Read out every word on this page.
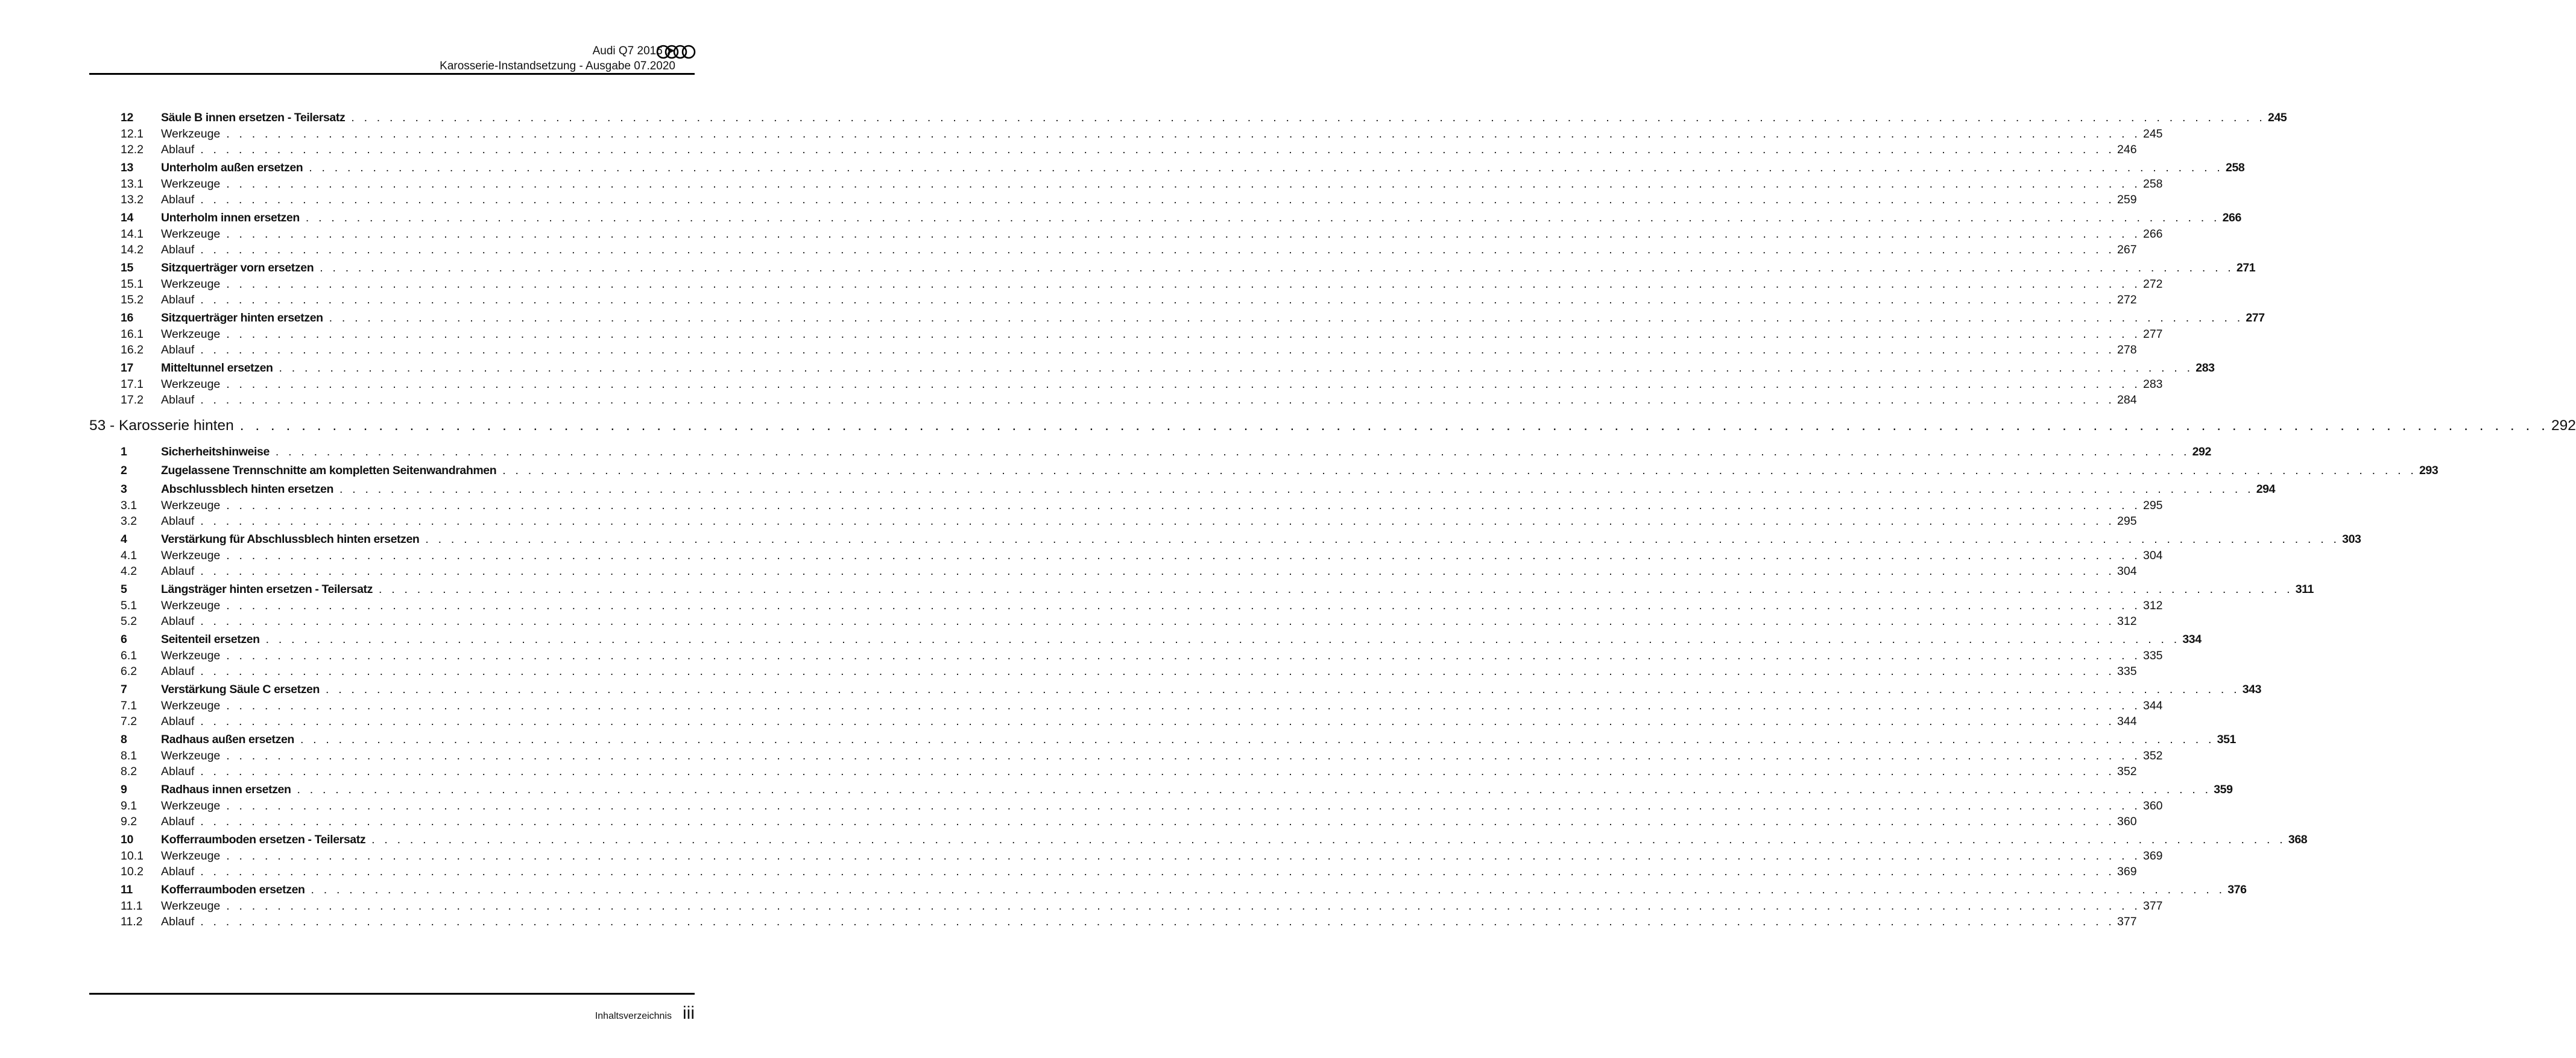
Audi Q7 2016 ➤
Karosserie-Instandsetzung - Ausgabe 07.2020
12	Säule B innen ersetzen - Teilersatz . . . . . . . . . . . . . . . . . . . . . . . . . . . . . . . . . . . . . . . . . . . . . . . . . . . . . . . . . . . . . . . . . . . . . . . . . . . . . . . . . . . . . . . . . . . . . . . . . . . . . . . . . . . . . . . . . . . . . . . . . . . . . . . . . . . . . . . . . . . . . . . . . . . . . . 245
12.1	Werkzeuge . . . . . . . . . . . . . . . . . . . . . . . . . . . . . . . . . . . . . . . . . . . . . . . . . . . . . . . . . . . . . . . . . . . . . . . . . . . . . . . . . . . . . . . . . . . . . . . . . . . . . . . . . . . . . . . . . . . . . . . . . . . . . . . . . . . . . . . . . . . . . . . . . . . . . . 245
12.2	Ablauf . . . . . . . . . . . . . . . . . . . . . . . . . . . . . . . . . . . . . . . . . . . . . . . . . . . . . . . . . . . . . . . . . . . . . . . . . . . . . . . . . . . . . . . . . . . . . . . . . . . . . . . . . . . . . . . . . . . . . . . . . . . . . . . . . . . . . . . . . . . . . . . . . . . . . . 246
13	Unterholm außen ersetzen . . . . . . . . . . . . . . . . . . . . . . . . . . . . . . . . . . . . . . . . . . . . . . . . . . . . . . . . . . . . . . . . . . . . . . . . . . . . . . . . . . . . . . . . . . . . . . . . . . . . . . . . . . . . . . . . . . . . . . . . . . . . . . . . . . . . . . . . . . . . . . . . . . . . . . 258
13.1	Werkzeuge . . . . . . . . . . . . . . . . . . . . . . . . . . . . . . . . . . . . . . . . . . . . . . . . . . . . . . . . . . . . . . . . . . . . . . . . . . . . . . . . . . . . . . . . . . . . . . . . . . . . . . . . . . . . . . . . . . . . . . . . . . . . . . . . . . . . . . . . . . . . . . . . . . . . . . 258
13.2	Ablauf . . . . . . . . . . . . . . . . . . . . . . . . . . . . . . . . . . . . . . . . . . . . . . . . . . . . . . . . . . . . . . . . . . . . . . . . . . . . . . . . . . . . . . . . . . . . . . . . . . . . . . . . . . . . . . . . . . . . . . . . . . . . . . . . . . . . . . . . . . . . . . . . . . . . . . 259
14	Unterholm innen ersetzen . . . . . . . . . . . . . . . . . . . . . . . . . . . . . . . . . . . . . . . . . . . . . . . . . . . . . . . . . . . . . . . . . . . . . . . . . . . . . . . . . . . . . . . . . . . . . . . . . . . . . . . . . . . . . . . . . . . . . . . . . . . . . . . . . . . . . . . . . . . . . . . . . . . . . . 266
14.1	Werkzeuge . . . . . . . . . . . . . . . . . . . . . . . . . . . . . . . . . . . . . . . . . . . . . . . . . . . . . . . . . . . . . . . . . . . . . . . . . . . . . . . . . . . . . . . . . . . . . . . . . . . . . . . . . . . . . . . . . . . . . . . . . . . . . . . . . . . . . . . . . . . . . . . . . . . . . . 266
14.2	Ablauf . . . . . . . . . . . . . . . . . . . . . . . . . . . . . . . . . . . . . . . . . . . . . . . . . . . . . . . . . . . . . . . . . . . . . . . . . . . . . . . . . . . . . . . . . . . . . . . . . . . . . . . . . . . . . . . . . . . . . . . . . . . . . . . . . . . . . . . . . . . . . . . . . . . . . . 267
15	Sitzquerträger vorn ersetzen . . . . . . . . . . . . . . . . . . . . . . . . . . . . . . . . . . . . . . . . . . . . . . . . . . . . . . . . . . . . . . . . . . . . . . . . . . . . . . . . . . . . . . . . . . . . . . . . . . . . . . . . . . . . . . . . . . . . . . . . . . . . . . . . . . . . . . . . . . . . . . . . . . . . . . 271
15.1	Werkzeuge . . . . . . . . . . . . . . . . . . . . . . . . . . . . . . . . . . . . . . . . . . . . . . . . . . . . . . . . . . . . . . . . . . . . . . . . . . . . . . . . . . . . . . . . . . . . . . . . . . . . . . . . . . . . . . . . . . . . . . . . . . . . . . . . . . . . . . . . . . . . . . . . . . . . . . 272
15.2	Ablauf . . . . . . . . . . . . . . . . . . . . . . . . . . . . . . . . . . . . . . . . . . . . . . . . . . . . . . . . . . . . . . . . . . . . . . . . . . . . . . . . . . . . . . . . . . . . . . . . . . . . . . . . . . . . . . . . . . . . . . . . . . . . . . . . . . . . . . . . . . . . . . . . . . . . . . 272
16	Sitzquerträger hinten ersetzen . . . . . . . . . . . . . . . . . . . . . . . . . . . . . . . . . . . . . . . . . . . . . . . . . . . . . . . . . . . . . . . . . . . . . . . . . . . . . . . . . . . . . . . . . . . . . . . . . . . . . . . . . . . . . . . . . . . . . . . . . . . . . . . . . . . . . . . . . . . . . . . . . . . . . . 277
16.1	Werkzeuge . . . . . . . . . . . . . . . . . . . . . . . . . . . . . . . . . . . . . . . . . . . . . . . . . . . . . . . . . . . . . . . . . . . . . . . . . . . . . . . . . . . . . . . . . . . . . . . . . . . . . . . . . . . . . . . . . . . . . . . . . . . . . . . . . . . . . . . . . . . . . . . . . . . . . . 277
16.2	Ablauf . . . . . . . . . . . . . . . . . . . . . . . . . . . . . . . . . . . . . . . . . . . . . . . . . . . . . . . . . . . . . . . . . . . . . . . . . . . . . . . . . . . . . . . . . . . . . . . . . . . . . . . . . . . . . . . . . . . . . . . . . . . . . . . . . . . . . . . . . . . . . . . . . . . . . . 278
17	Mitteltunnel ersetzen . . . . . . . . . . . . . . . . . . . . . . . . . . . . . . . . . . . . . . . . . . . . . . . . . . . . . . . . . . . . . . . . . . . . . . . . . . . . . . . . . . . . . . . . . . . . . . . . . . . . . . . . . . . . . . . . . . . . . . . . . . . . . . . . . . . . . . . . . . . . . . . . . . . . . . 283
17.1	Werkzeuge . . . . . . . . . . . . . . . . . . . . . . . . . . . . . . . . . . . . . . . . . . . . . . . . . . . . . . . . . . . . . . . . . . . . . . . . . . . . . . . . . . . . . . . . . . . . . . . . . . . . . . . . . . . . . . . . . . . . . . . . . . . . . . . . . . . . . . . . . . . . . . . . . . . . . . 283
17.2	Ablauf . . . . . . . . . . . . . . . . . . . . . . . . . . . . . . . . . . . . . . . . . . . . . . . . . . . . . . . . . . . . . . . . . . . . . . . . . . . . . . . . . . . . . . . . . . . . . . . . . . . . . . . . . . . . . . . . . . . . . . . . . . . . . . . . . . . . . . . . . . . . . . . . . . . . . . 284
53 - Karosserie hinten . . . . . . . . . . . . . . . . . . . . . . . . . . . . . . . . . . . . . . . . . . . . . . . . . . . . . . . . . . . . . . . . . . . . . . . . . . . . . . . . . . . . . . . . . . . . . . . . . . . . . . . . . . . . . . . . . . . . . . . . . . . . . . . . . . . . . . . . . . . . . . . . . . . . . . 292
1	Sicherheitshinweise . . . . . . . . . . . . . . . . . . . . . . . . . . . . . . . . . . . . . . . . . . . . . . . . . . . . . . . . . . . . . . . . . . . . . . . . . . . . . . . . . . . . . . . . . . . . . . . . . . . . . . . . . . . . . . . . . . . . . . . . . . . . . . . . . . . . . . . . . . . . . . . . . . . . . . 292
2	Zugelassene Trennschnitte am kompletten Seitenwandrahmen . . . . . . . . . . . . . . . . . . . . . . . . . . . . . . . . . . . . . . . . . . . . . . . . . . . . . . . . . . . . . . . . . . . . . . . . . . . . . . . . . . . . . . . . . . . . . . . . . . . . . . . . . . . . . . . . . . . . . . . . . . . . . . . . . . . . . . . . . . . . . . . . . . . . . . 293
3	Abschlussblech hinten ersetzen . . . . . . . . . . . . . . . . . . . . . . . . . . . . . . . . . . . . . . . . . . . . . . . . . . . . . . . . . . . . . . . . . . . . . . . . . . . . . . . . . . . . . . . . . . . . . . . . . . . . . . . . . . . . . . . . . . . . . . . . . . . . . . . . . . . . . . . . . . . . . . . . . . . . . . 294
3.1	Werkzeuge . . . . . . . . . . . . . . . . . . . . . . . . . . . . . . . . . . . . . . . . . . . . . . . . . . . . . . . . . . . . . . . . . . . . . . . . . . . . . . . . . . . . . . . . . . . . . . . . . . . . . . . . . . . . . . . . . . . . . . . . . . . . . . . . . . . . . . . . . . . . . . . . . . . . . . 295
3.2	Ablauf . . . . . . . . . . . . . . . . . . . . . . . . . . . . . . . . . . . . . . . . . . . . . . . . . . . . . . . . . . . . . . . . . . . . . . . . . . . . . . . . . . . . . . . . . . . . . . . . . . . . . . . . . . . . . . . . . . . . . . . . . . . . . . . . . . . . . . . . . . . . . . . . . . . . . . 295
4	Verstärkung für Abschlussblech hinten ersetzen . . . . . . . . . . . . . . . . . . . . . . . . . . . . . . . . . . . . . . . . . . . . . . . . . . . . . . . . . . . . . . . . . . . . . . . . . . . . . . . . . . . . . . . . . . . . . . . . . . . . . . . . . . . . . . . . . . . . . . . . . . . . . . . . . . . . . . . . . . . . . . . . . . . . . . 303
4.1	Werkzeuge . . . . . . . . . . . . . . . . . . . . . . . . . . . . . . . . . . . . . . . . . . . . . . . . . . . . . . . . . . . . . . . . . . . . . . . . . . . . . . . . . . . . . . . . . . . . . . . . . . . . . . . . . . . . . . . . . . . . . . . . . . . . . . . . . . . . . . . . . . . . . . . . . . . . . . 304
4.2	Ablauf . . . . . . . . . . . . . . . . . . . . . . . . . . . . . . . . . . . . . . . . . . . . . . . . . . . . . . . . . . . . . . . . . . . . . . . . . . . . . . . . . . . . . . . . . . . . . . . . . . . . . . . . . . . . . . . . . . . . . . . . . . . . . . . . . . . . . . . . . . . . . . . . . . . . . . 304
5	Längsträger hinten ersetzen - Teilersatz . . . . . . . . . . . . . . . . . . . . . . . . . . . . . . . . . . . . . . . . . . . . . . . . . . . . . . . . . . . . . . . . . . . . . . . . . . . . . . . . . . . . . . . . . . . . . . . . . . . . . . . . . . . . . . . . . . . . . . . . . . . . . . . . . . . . . . . . . . . . . . . . . . . . . . 311
5.1	Werkzeuge . . . . . . . . . . . . . . . . . . . . . . . . . . . . . . . . . . . . . . . . . . . . . . . . . . . . . . . . . . . . . . . . . . . . . . . . . . . . . . . . . . . . . . . . . . . . . . . . . . . . . . . . . . . . . . . . . . . . . . . . . . . . . . . . . . . . . . . . . . . . . . . . . . . . . . 312
5.2	Ablauf . . . . . . . . . . . . . . . . . . . . . . . . . . . . . . . . . . . . . . . . . . . . . . . . . . . . . . . . . . . . . . . . . . . . . . . . . . . . . . . . . . . . . . . . . . . . . . . . . . . . . . . . . . . . . . . . . . . . . . . . . . . . . . . . . . . . . . . . . . . . . . . . . . . . . . 312
6	Seitenteil ersetzen . . . . . . . . . . . . . . . . . . . . . . . . . . . . . . . . . . . . . . . . . . . . . . . . . . . . . . . . . . . . . . . . . . . . . . . . . . . . . . . . . . . . . . . . . . . . . . . . . . . . . . . . . . . . . . . . . . . . . . . . . . . . . . . . . . . . . . . . . . . . . . . . . . . . . . 334
6.1	Werkzeuge . . . . . . . . . . . . . . . . . . . . . . . . . . . . . . . . . . . . . . . . . . . . . . . . . . . . . . . . . . . . . . . . . . . . . . . . . . . . . . . . . . . . . . . . . . . . . . . . . . . . . . . . . . . . . . . . . . . . . . . . . . . . . . . . . . . . . . . . . . . . . . . . . . . . . . 335
6.2	Ablauf . . . . . . . . . . . . . . . . . . . . . . . . . . . . . . . . . . . . . . . . . . . . . . . . . . . . . . . . . . . . . . . . . . . . . . . . . . . . . . . . . . . . . . . . . . . . . . . . . . . . . . . . . . . . . . . . . . . . . . . . . . . . . . . . . . . . . . . . . . . . . . . . . . . . . . 335
7	Verstärkung Säule C ersetzen . . . . . . . . . . . . . . . . . . . . . . . . . . . . . . . . . . . . . . . . . . . . . . . . . . . . . . . . . . . . . . . . . . . . . . . . . . . . . . . . . . . . . . . . . . . . . . . . . . . . . . . . . . . . . . . . . . . . . . . . . . . . . . . . . . . . . . . . . . . . . . . . . . . . . . 343
7.1	Werkzeuge . . . . . . . . . . . . . . . . . . . . . . . . . . . . . . . . . . . . . . . . . . . . . . . . . . . . . . . . . . . . . . . . . . . . . . . . . . . . . . . . . . . . . . . . . . . . . . . . . . . . . . . . . . . . . . . . . . . . . . . . . . . . . . . . . . . . . . . . . . . . . . . . . . . . . . 344
7.2	Ablauf . . . . . . . . . . . . . . . . . . . . . . . . . . . . . . . . . . . . . . . . . . . . . . . . . . . . . . . . . . . . . . . . . . . . . . . . . . . . . . . . . . . . . . . . . . . . . . . . . . . . . . . . . . . . . . . . . . . . . . . . . . . . . . . . . . . . . . . . . . . . . . . . . . . . . . 344
8	Radhaus außen ersetzen . . . . . . . . . . . . . . . . . . . . . . . . . . . . . . . . . . . . . . . . . . . . . . . . . . . . . . . . . . . . . . . . . . . . . . . . . . . . . . . . . . . . . . . . . . . . . . . . . . . . . . . . . . . . . . . . . . . . . . . . . . . . . . . . . . . . . . . . . . . . . . . . . . . . . . 351
8.1	Werkzeuge . . . . . . . . . . . . . . . . . . . . . . . . . . . . . . . . . . . . . . . . . . . . . . . . . . . . . . . . . . . . . . . . . . . . . . . . . . . . . . . . . . . . . . . . . . . . . . . . . . . . . . . . . . . . . . . . . . . . . . . . . . . . . . . . . . . . . . . . . . . . . . . . . . . . . . 352
8.2	Ablauf . . . . . . . . . . . . . . . . . . . . . . . . . . . . . . . . . . . . . . . . . . . . . . . . . . . . . . . . . . . . . . . . . . . . . . . . . . . . . . . . . . . . . . . . . . . . . . . . . . . . . . . . . . . . . . . . . . . . . . . . . . . . . . . . . . . . . . . . . . . . . . . . . . . . . . 352
9	Radhaus innen ersetzen . . . . . . . . . . . . . . . . . . . . . . . . . . . . . . . . . . . . . . . . . . . . . . . . . . . . . . . . . . . . . . . . . . . . . . . . . . . . . . . . . . . . . . . . . . . . . . . . . . . . . . . . . . . . . . . . . . . . . . . . . . . . . . . . . . . . . . . . . . . . . . . . . . . . . . 359
9.1	Werkzeuge . . . . . . . . . . . . . . . . . . . . . . . . . . . . . . . . . . . . . . . . . . . . . . . . . . . . . . . . . . . . . . . . . . . . . . . . . . . . . . . . . . . . . . . . . . . . . . . . . . . . . . . . . . . . . . . . . . . . . . . . . . . . . . . . . . . . . . . . . . . . . . . . . . . . . . 360
9.2	Ablauf . . . . . . . . . . . . . . . . . . . . . . . . . . . . . . . . . . . . . . . . . . . . . . . . . . . . . . . . . . . . . . . . . . . . . . . . . . . . . . . . . . . . . . . . . . . . . . . . . . . . . . . . . . . . . . . . . . . . . . . . . . . . . . . . . . . . . . . . . . . . . . . . . . . . . . 360
10	Kofferraumboden ersetzen - Teilersatz . . . . . . . . . . . . . . . . . . . . . . . . . . . . . . . . . . . . . . . . . . . . . . . . . . . . . . . . . . . . . . . . . . . . . . . . . . . . . . . . . . . . . . . . . . . . . . . . . . . . . . . . . . . . . . . . . . . . . . . . . . . . . . . . . . . . . . . . . . . . . . . . . . . . . . 368
10.1	Werkzeuge . . . . . . . . . . . . . . . . . . . . . . . . . . . . . . . . . . . . . . . . . . . . . . . . . . . . . . . . . . . . . . . . . . . . . . . . . . . . . . . . . . . . . . . . . . . . . . . . . . . . . . . . . . . . . . . . . . . . . . . . . . . . . . . . . . . . . . . . . . . . . . . . . . . . . . 369
10.2	Ablauf . . . . . . . . . . . . . . . . . . . . . . . . . . . . . . . . . . . . . . . . . . . . . . . . . . . . . . . . . . . . . . . . . . . . . . . . . . . . . . . . . . . . . . . . . . . . . . . . . . . . . . . . . . . . . . . . . . . . . . . . . . . . . . . . . . . . . . . . . . . . . . . . . . . . . . 369
11	Kofferraumboden ersetzen . . . . . . . . . . . . . . . . . . . . . . . . . . . . . . . . . . . . . . . . . . . . . . . . . . . . . . . . . . . . . . . . . . . . . . . . . . . . . . . . . . . . . . . . . . . . . . . . . . . . . . . . . . . . . . . . . . . . . . . . . . . . . . . . . . . . . . . . . . . . . . . . . . . . . . 376
11.1	Werkzeuge . . . . . . . . . . . . . . . . . . . . . . . . . . . . . . . . . . . . . . . . . . . . . . . . . . . . . . . . . . . . . . . . . . . . . . . . . . . . . . . . . . . . . . . . . . . . . . . . . . . . . . . . . . . . . . . . . . . . . . . . . . . . . . . . . . . . . . . . . . . . . . . . . . . . . . 377
11.2	Ablauf . . . . . . . . . . . . . . . . . . . . . . . . . . . . . . . . . . . . . . . . . . . . . . . . . . . . . . . . . . . . . . . . . . . . . . . . . . . . . . . . . . . . . . . . . . . . . . . . . . . . . . . . . . . . . . . . . . . . . . . . . . . . . . . . . . . . . . . . . . . . . . . . . . . . . . 377
Inhaltsverzeichnis iii
